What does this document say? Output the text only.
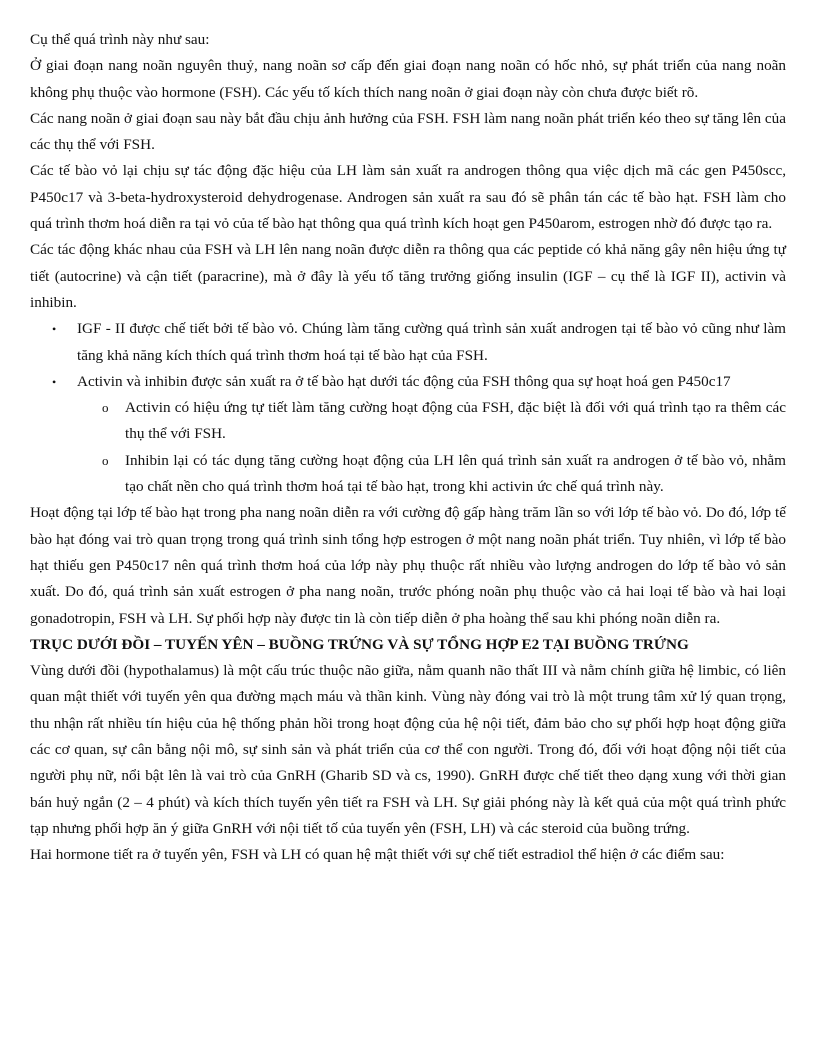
Cụ thể quá trình này như sau:

Ở giai đoạn nang noãn nguyên thuỷ, nang noãn sơ cấp đến giai đoạn nang noãn có hốc nhỏ, sự phát triển của nang noãn không phụ thuộc vào hormone (FSH). Các yếu tố kích thích nang noãn ở giai đoạn này còn chưa được biết rõ.

Các nang noãn ở giai đoạn sau này bắt đầu chịu ảnh hưởng của FSH. FSH làm nang noãn phát triển kéo theo sự tăng lên của các thụ thể với FSH.

Các tế bào vỏ lại chịu sự tác động đặc hiệu của LH làm sản xuất ra androgen thông qua việc dịch mã các gen P450scc, P450c17 và 3-beta-hydroxysteroid dehydrogenase. Androgen sản xuất ra sau đó sẽ phân tán các tế bào hạt. FSH làm cho quá trình thơm hoá diễn ra tại vỏ của tế bào hạt thông qua quá trình kích hoạt gen P450arom, estrogen nhờ đó được tạo ra.

Các tác động khác nhau của FSH và LH lên nang noãn được diễn ra thông qua các peptide có khả năng gây nên hiệu ứng tự tiết (autocrine) và cận tiết (paracrine), mà ở đây là yếu tố tăng trưởng giống insulin (IGF – cụ thể là IGF II), activin và inhibin.

• IGF - II được chế tiết bởi tế bào vỏ. Chúng làm tăng cường quá trình sản xuất androgen tại tế bào vỏ cũng như làm tăng khả năng kích thích quá trình thơm hoá tại tế bào hạt của FSH.
• Activin và inhibin được sản xuất ra ở tế bào hạt dưới tác động của FSH thông qua sự hoạt hoá gen P450c17
o Activin có hiệu ứng tự tiết làm tăng cường hoạt động của FSH, đặc biệt là đối với quá trình tạo ra thêm các thụ thể với FSH.
o Inhibin lại có tác dụng tăng cường hoạt động của LH lên quá trình sản xuất ra androgen ở tế bào vỏ, nhằm tạo chất nền cho quá trình thơm hoá tại tế bào hạt, trong khi activin ức chế quá trình này.

Hoạt động tại lớp tế bào hạt trong pha nang noãn diễn ra với cường độ gấp hàng trăm lần so với lớp tế bào vỏ. Do đó, lớp tế bào hạt đóng vai trò quan trọng trong quá trình sinh tổng hợp estrogen ở một nang noãn phát triển. Tuy nhiên, vì lớp tế bào hạt thiếu gen P450c17 nên quá trình thơm hoá của lớp này phụ thuộc rất nhiều vào lượng androgen do lớp tế bào vỏ sản xuất. Do đó, quá trình sản xuất estrogen ở pha nang noãn, trước phóng noãn phụ thuộc vào cả hai loại tế bào và hai loại gonadotropin, FSH và LH. Sự phối hợp này được tin là còn tiếp diễn ở pha hoàng thể sau khi phóng noãn diễn ra.

TRỤC DƯỚI ĐỒI – TUYẾN YÊN – BUỒNG TRỨNG VÀ SỰ TỔNG HỢP E2 TẠI BUỒNG TRỨNG

Vùng dưới đồi (hypothalamus) là một cấu trúc thuộc não giữa, nằm quanh não thất III và nằm chính giữa hệ limbic, có liên quan mật thiết với tuyến yên qua đường mạch máu và thần kinh. Vùng này đóng vai trò là một trung tâm xử lý quan trọng, thu nhận rất nhiều tín hiệu của hệ thống phản hồi trong hoạt động của hệ nội tiết, đảm bảo cho sự phối hợp hoạt động giữa các cơ quan, sự cân bằng nội mô, sự sinh sản và phát triển của cơ thể con người. Trong đó, đối với hoạt động nội tiết của người phụ nữ, nổi bật lên là vai trò của GnRH (Gharib SD và cs, 1990). GnRH được chế tiết theo dạng xung với thời gian bán huỷ ngắn (2 – 4 phút) và kích thích tuyến yên tiết ra FSH và LH. Sự giải phóng này là kết quả của một quá trình phức tạp nhưng phối hợp ăn ý giữa GnRH với nội tiết tố của tuyến yên (FSH, LH) và các steroid của buồng trứng.

Hai hormone tiết ra ở tuyến yên, FSH và LH có quan hệ mật thiết với sự chế tiết estradiol thể hiện ở các điểm sau:
